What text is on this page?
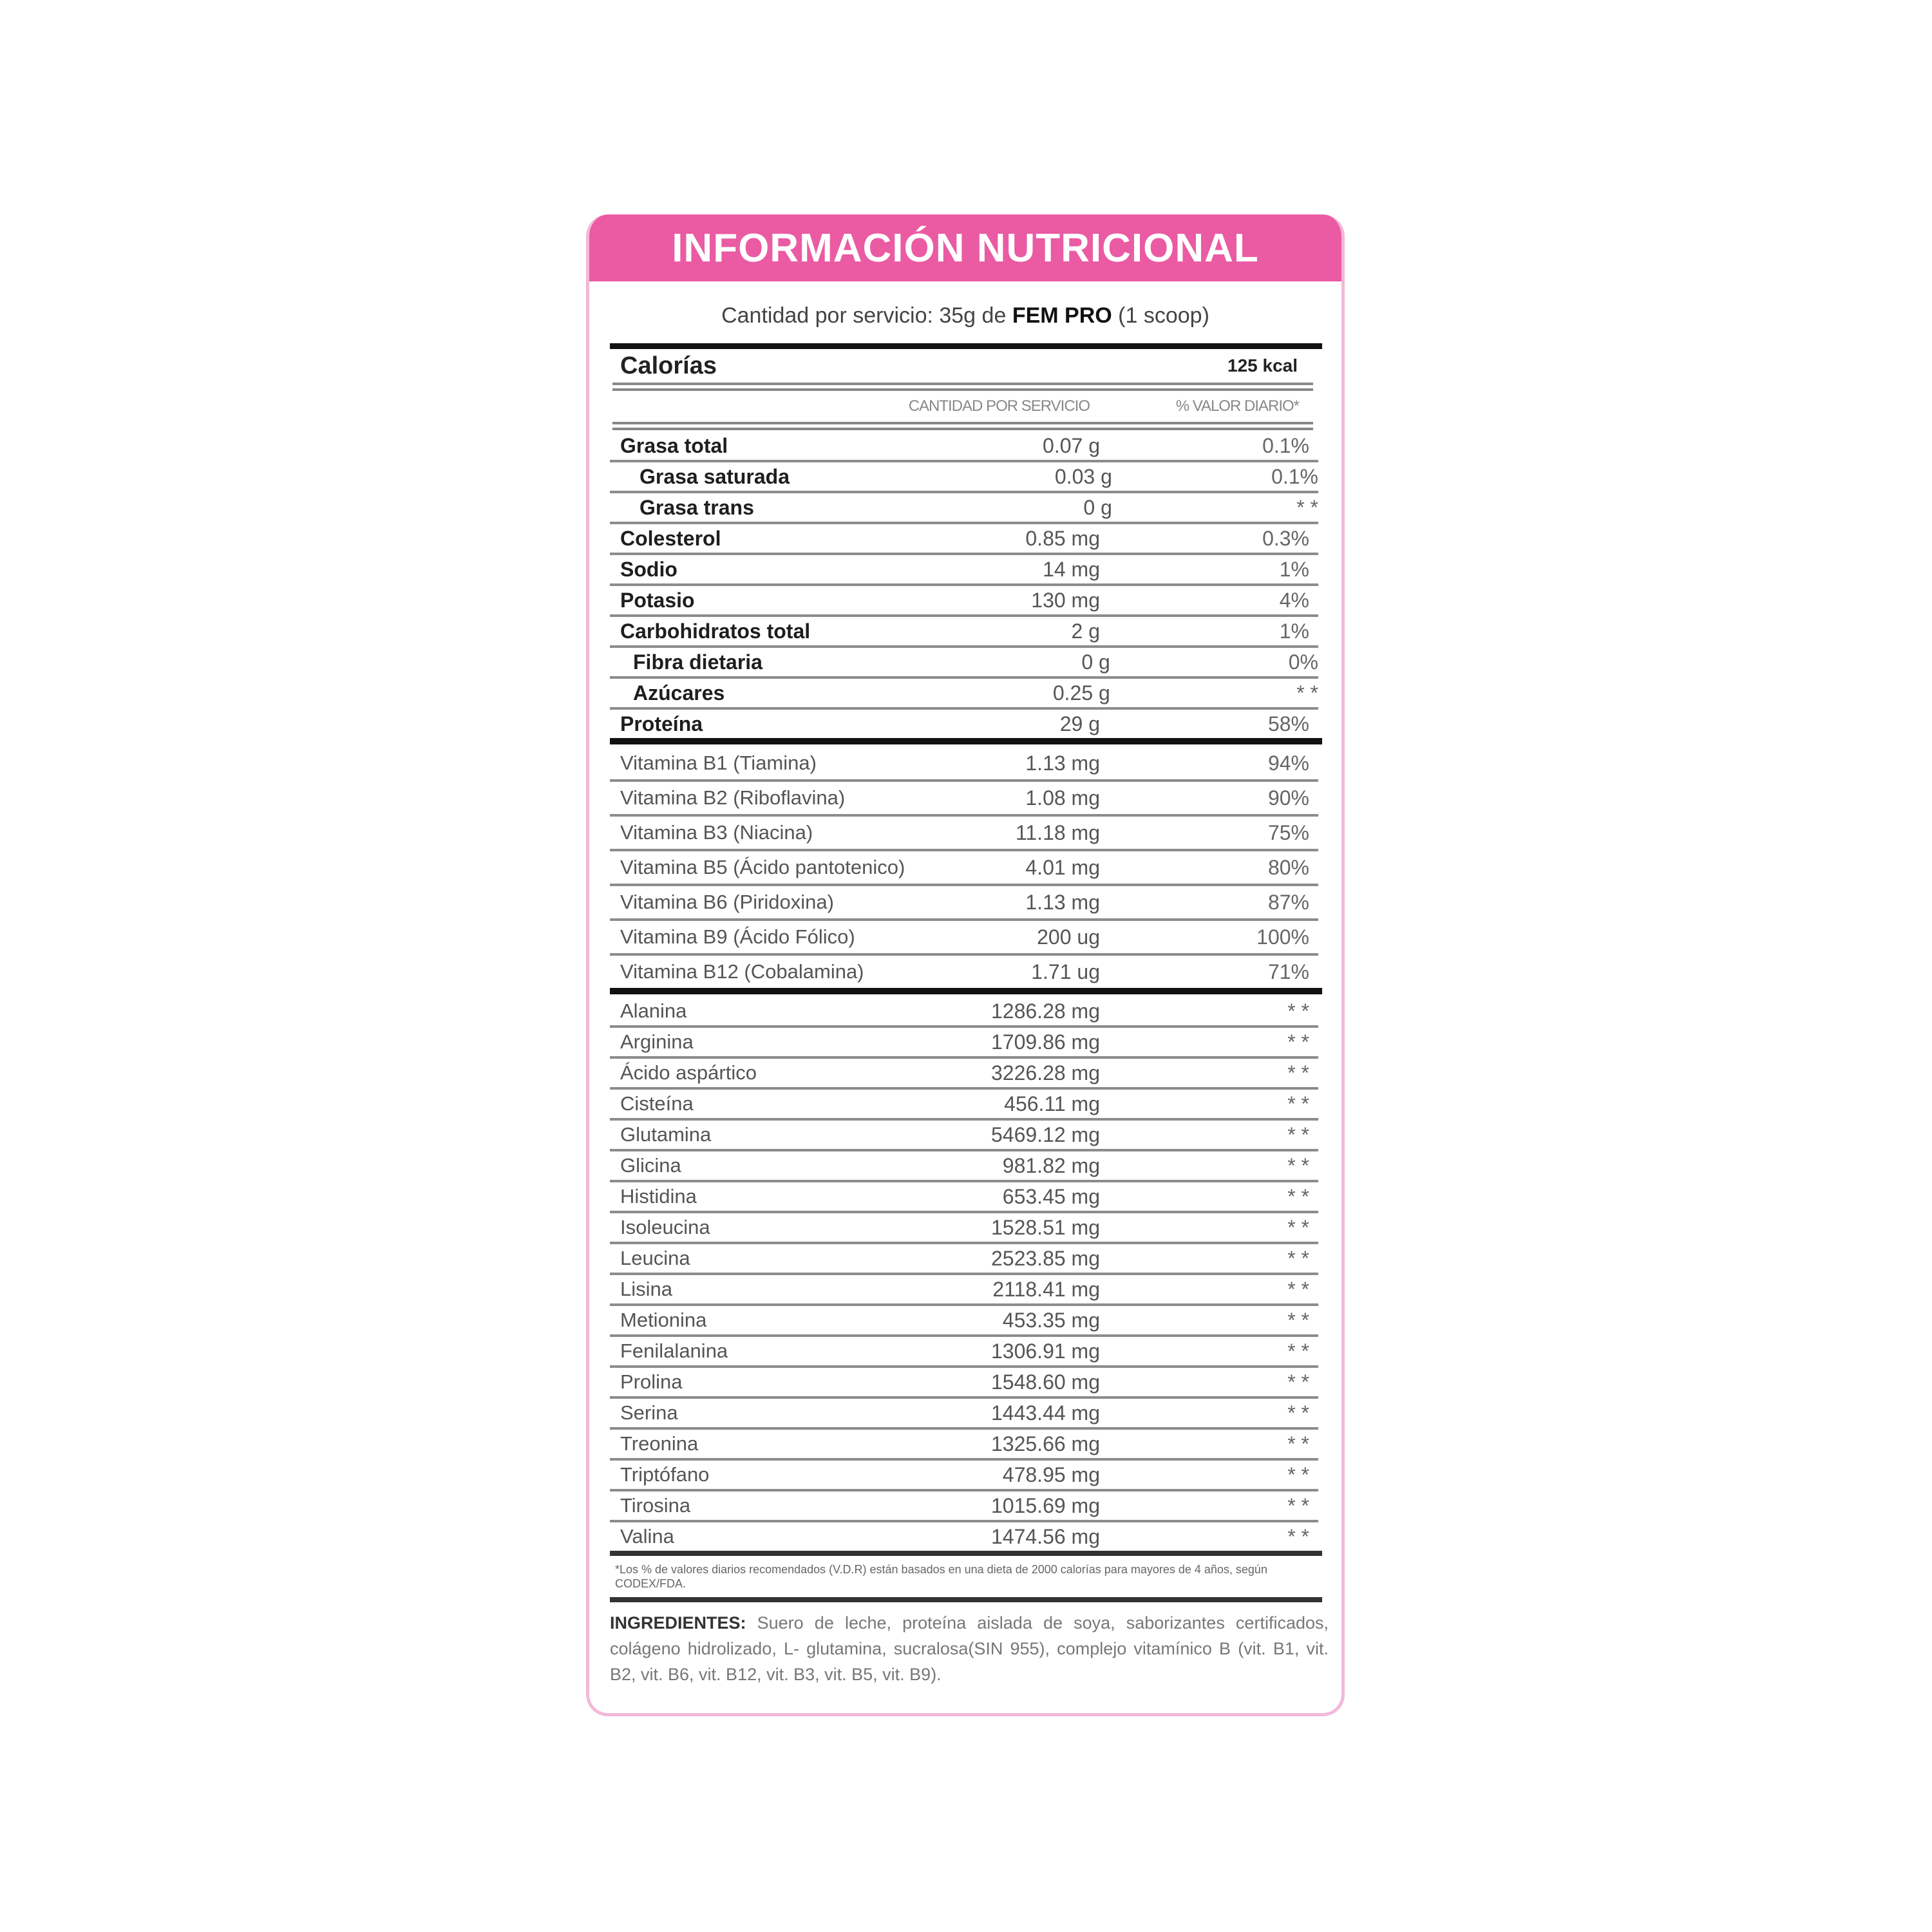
INFORMACIÓN NUTRICIONAL
Cantidad por servicio: 35g de FEM PRO (1 scoop)
Calorías	125 kcal
CANTIDAD POR SERVICIO	% VALOR DIARIO*
Grasa total	0.07 g	0.1%
Grasa saturada	0.03 g	0.1%
Grasa trans	0 g	* *
Colesterol	0.85 mg	0.3%
Sodio	14 mg	1%
Potasio	130 mg	4%
Carbohidratos total	2 g	1%
Fibra dietaria	0 g	0%
Azúcares	0.25 g	* *
Proteína	29 g	58%
Vitamina B1 (Tiamina)	1.13 mg	94%
Vitamina B2 (Riboflavina)	1.08 mg	90%
Vitamina B3 (Niacina)	11.18 mg	75%
Vitamina B5 (Ácido pantotenico)	4.01 mg	80%
Vitamina B6 (Piridoxina)	1.13 mg	87%
Vitamina B9 (Ácido Fólico)	200 ug	100%
Vitamina B12 (Cobalamina)	1.71 ug	71%
Alanina	1286.28 mg	* *
Arginina	1709.86 mg	* *
Ácido aspártico	3226.28 mg	* *
Cisteína	456.11 mg	* *
Glutamina	5469.12 mg	* *
Glicina	981.82 mg	* *
Histidina	653.45 mg	* *
Isoleucina	1528.51 mg	* *
Leucina	2523.85 mg	* *
Lisina	2118.41 mg	* *
Metionina	453.35 mg	* *
Fenilalanina	1306.91 mg	* *
Prolina	1548.60 mg	* *
Serina	1443.44 mg	* *
Treonina	1325.66 mg	* *
Triptófano	478.95 mg	* *
Tirosina	1015.69 mg	* *
Valina	1474.56 mg	* *
*Los % de valores diarios recomendados (V.D.R) están basados en una dieta de 2000 calorías para mayores de 4 años, según CODEX/FDA.
INGREDIENTES: Suero de leche, proteína aislada de soya, saborizantes certificados, colágeno hidrolizado, L- glutamina, sucralosa(SIN 955), complejo vitamínico B (vit. B1, vit. B2, vit. B6, vit. B12, vit. B3, vit. B5, vit. B9).
